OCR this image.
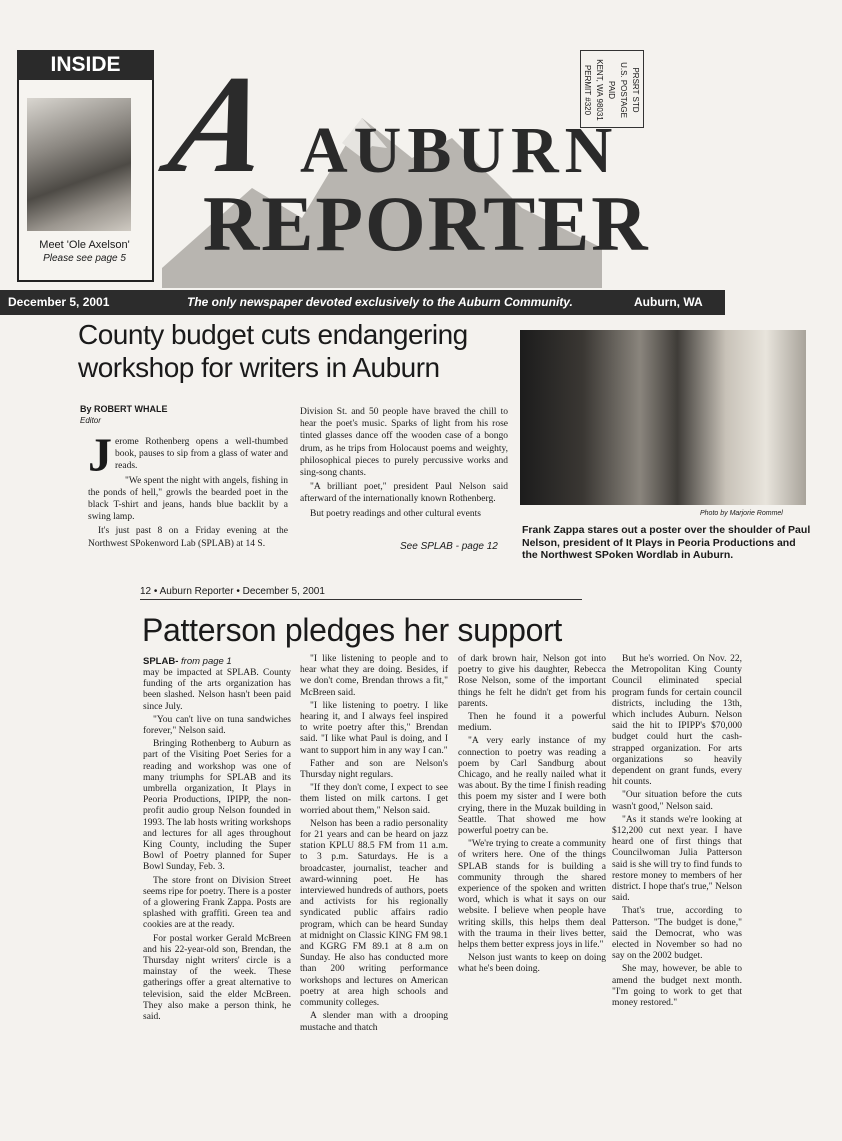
INSIDE
Meet 'Ole Axelson'
Please see page 5
A AUBURN
REPORTER
PRSRT STD
U.S. POSTAGE
PAID
KENT, WA 98031
PERMIT #320
December 5, 2001	The only newspaper devoted exclusively to the Auburn Community.	Auburn, WA
County budget cuts endangering workshop for writers in Auburn
By ROBERT WHALE
Editor
J erome Rothenberg opens a well-thumbed book, pauses to sip from a glass of water and reads.

"We spent the night with angels, fishing in the ponds of hell," growls the bearded poet in the black T-shirt and jeans, hands blue backlit by a swing lamp.

It's just past 8 on a Friday evening at the Northwest SPokenword Lab (SPLAB) at 14 S.

Division St. and 50 people have braved the chill to hear the poet's music. Sparks of light from his rose tinted glasses dance off the wooden case of a bongo drum, as he trips from Holocaust poems and weighty, philosophical pieces to purely percussive works and sing-song chants.

"A brilliant poet," president Paul Nelson said afterward of the internationally known Rothenberg.

But poetry readings and other cultural events

See SPLAB - page 12
Photo by Marjorie Rommel
Frank Zappa stares out a poster over the shoulder of Paul Nelson, president of It Plays in Peoria Productions and the Northwest SPoken Wordlab in Auburn.
12 • Auburn Reporter • December 5, 2001
Patterson pledges her support
SPLAB- from page 1

may be impacted at SPLAB. County funding of the arts organization has been slashed. Nelson hasn't been paid since July.

"You can't live on tuna sandwiches forever," Nelson said.

Bringing Rothenberg to Auburn as part of the Visiting Poet Series for a reading and workshop was one of many triumphs for SPLAB and its umbrella organization, It Plays in Peoria Productions, IPIPP, the non-profit audio group Nelson founded in 1993. The lab hosts writing workshops and lectures for all ages throughout King County, including the Super Bowl of Poetry planned for Super Bowl Sunday, Feb. 3.

The store front on Division Street seems ripe for poetry. There is a poster of a glowering Frank Zappa. Posts are splashed with graffiti. Green tea and cookies are at the ready.

For postal worker Gerald McBreen and his 22-year-old son, Brendan, the Thursday night writers' circle is a mainstay of the week. These gatherings offer a great alternative to television, said the elder McBreen. They also make a person think, he said.

"I like listening to people and to hear what they are doing. Besides, if we don't come, Brendan throws a fit," McBreen said.

"I like listening to poetry. I like hearing it, and I always feel inspired to write poetry after this," Brendan said. "I like what Paul is doing, and I want to support him in any way I can."

Father and son are Nelson's Thursday night regulars.

"If they don't come, I expect to see them listed on milk cartons. I get worried about them," Nelson said.

Nelson has been a radio personality for 21 years and can be heard on jazz station KPLU 88.5 FM from 11 a.m. to 3 p.m. Saturdays. He is a broadcaster, journalist, teacher and award-winning poet. He has interviewed hundreds of authors, poets and activists for his regionally syndicated public affairs radio program, which can be heard Sunday at midnight on Classic KING FM 98.1 and KGRG FM 89.1 at 8 a.m on Sunday. He also has conducted more than 200 writing performance workshops and lectures on American poetry at area high schools and community colleges.

A slender man with a drooping mustache and thatch

of dark brown hair, Nelson got into poetry to give his daughter, Rebecca Rose Nelson, some of the important things he felt he didn't get from his parents.

Then he found it a powerful medium.

"A very early instance of my connection to poetry was reading a poem by Carl Sandburg about Chicago, and he really nailed what it was about. By the time I finish reading this poem my sister and I were both crying, there in the Muzak building in Seattle. That showed me how powerful poetry can be.

"We're trying to create a community of writers here. One of the things SPLAB stands for is building a community through the shared experience of the spoken and written word, which is what it says on our website. I believe when people have writing skills, this helps them deal with the trauma in their lives better, helps them better express joys in life."

Nelson just wants to keep on doing what he's been doing.

But he's worried. On Nov. 22, the Metropolitan King County Council eliminated special program funds for certain council districts, including the 13th, which includes Auburn. Nelson said the hit to IPIPP's $70,000 budget could hurt the cash-strapped organization. For arts organizations so heavily dependent on grant funds, every hit counts.

"Our situation before the cuts wasn't good," Nelson said.

"As it stands we're looking at $12,200 cut next year. I have heard one of first things that Councilwoman Julia Patterson said is she will try to find funds to restore money to members of her district. I hope that's true," Nelson said.

That's true, according to Patterson. "The budget is done," said the Democrat, who was elected in November so had no say on the 2002 budget.

She may, however, be able to amend the budget next month. "I'm going to work to get that money restored."
